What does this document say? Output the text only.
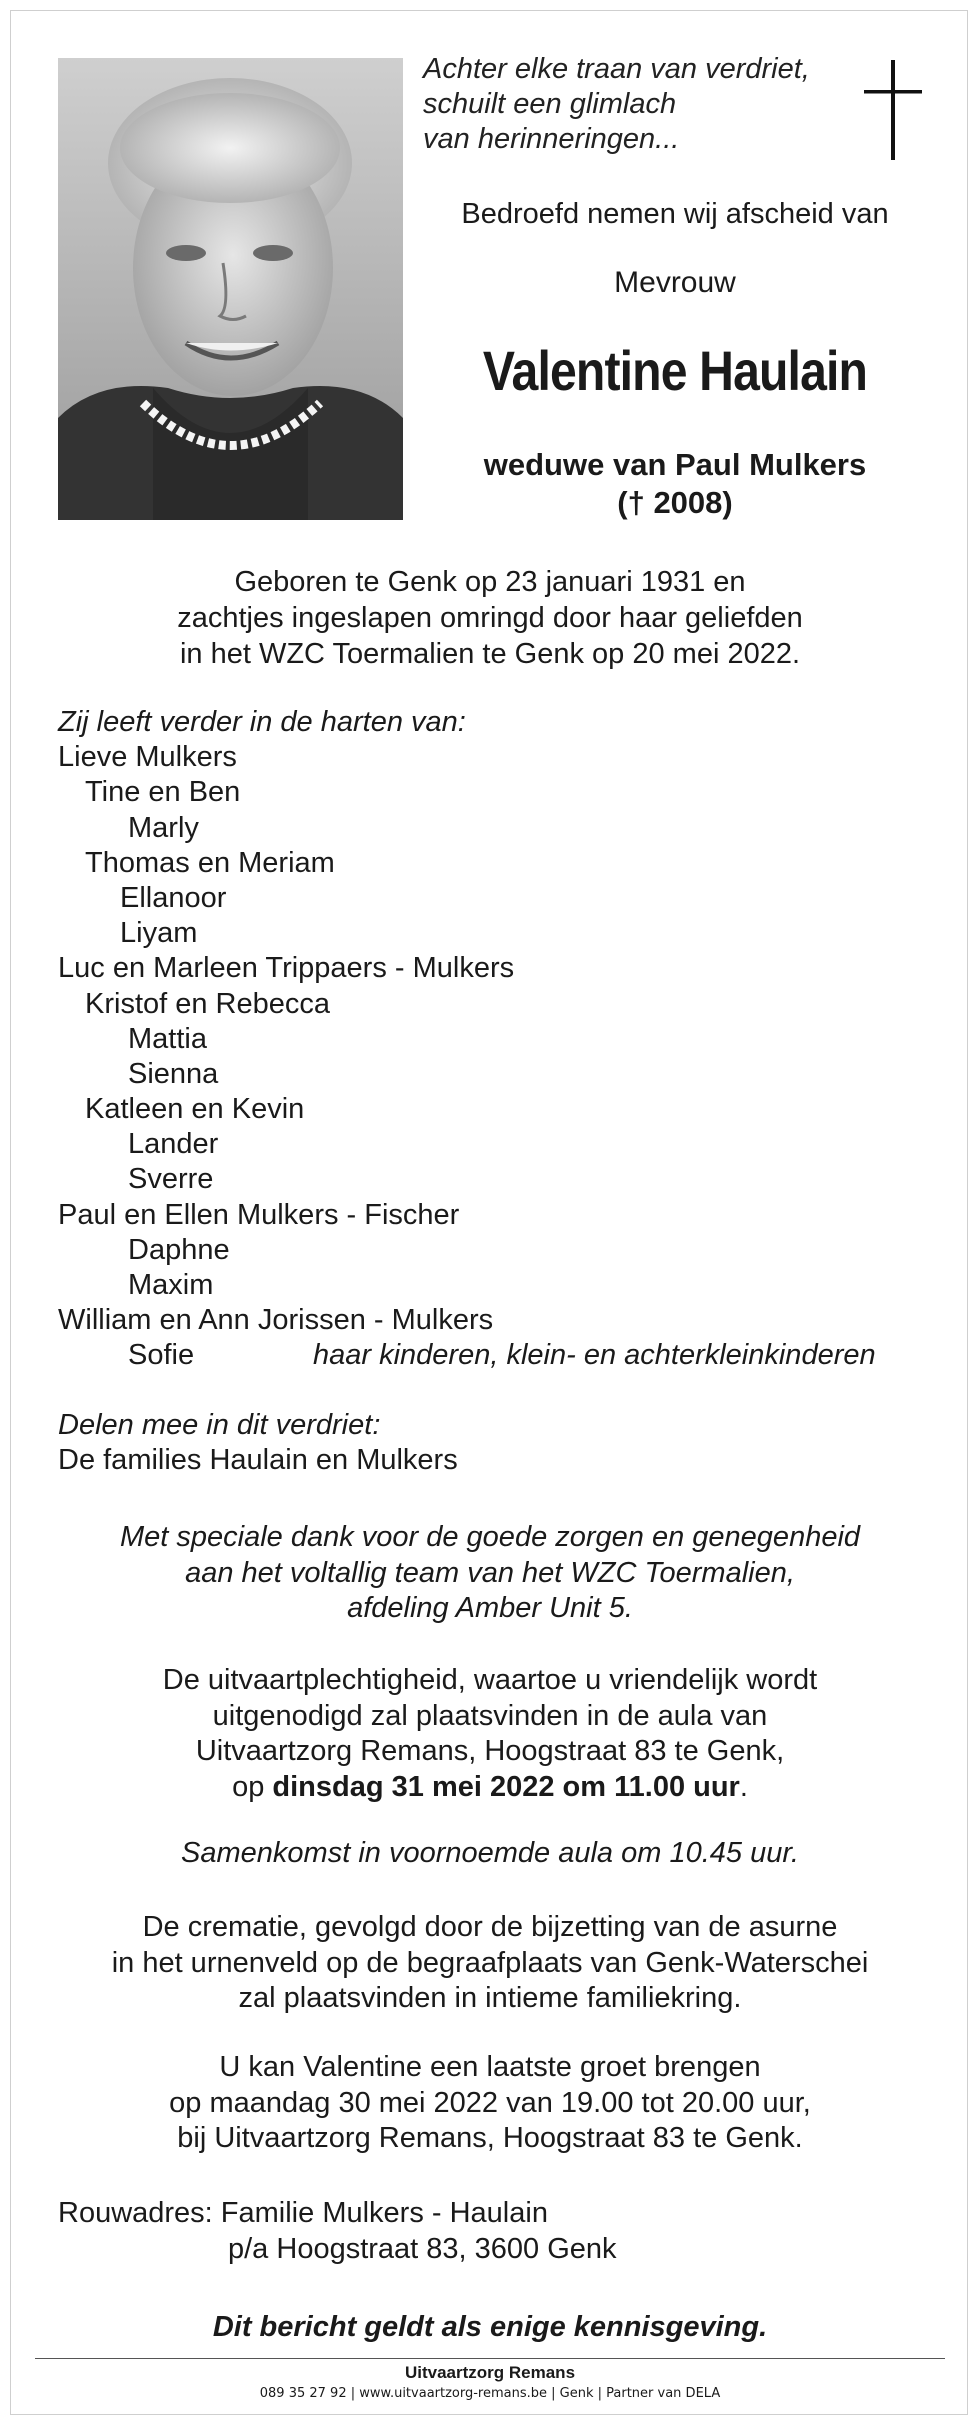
Achter elke traan van verdriet,
schuilt een glimlach
van herinneringen...
Bedroefd nemen wij afscheid van
Mevrouw
Valentine Haulain
weduwe van Paul Mulkers
(† 2008)
Geboren te Genk op 23 januari 1931 en
zachtjes ingeslapen omringd door haar geliefden
in het WZC Toermalien te Genk op 20 mei 2022.
Zij leeft verder in de harten van:
Lieve Mulkers
Tine en Ben
Marly
Thomas en Meriam
Ellanoor
Liyam
Luc en Marleen Trippaers - Mulkers
Kristof en Rebecca
Mattia
Sienna
Katleen en Kevin
Lander
Sverre
Paul en Ellen Mulkers - Fischer
Daphne
Maxim
William en Ann Jorissen - Mulkers
Sofie	haar kinderen, klein- en achterkleinkinderen
Delen mee in dit verdriet:
De families Haulain en Mulkers
Met speciale dank voor de goede zorgen en genegenheid
aan het voltallig team van het WZC Toermalien,
afdeling Amber Unit 5.
De uitvaartplechtigheid, waartoe u vriendelijk wordt
uitgenodigd zal plaatsvinden in de aula van
Uitvaartzorg Remans, Hoogstraat 83 te Genk,
op dinsdag 31 mei 2022 om 11.00 uur.
Samenkomst in voornoemde aula om 10.45 uur.
De crematie, gevolgd door de bijzetting van de asurne
in het urnenveld op de begraafplaats van Genk-Waterschei
zal plaatsvinden in intieme familiekring.
U kan Valentine een laatste groet brengen
op maandag 30 mei 2022 van 19.00 tot 20.00 uur,
bij Uitvaartzorg Remans, Hoogstraat 83 te Genk.
Rouwadres: Familie Mulkers - Haulain
p/a Hoogstraat 83, 3600 Genk
Dit bericht geldt als enige kennisgeving.
Uitvaartzorg Remans
089 35 27 92 | www.uitvaartzorg-remans.be | Genk | Partner van DELA
